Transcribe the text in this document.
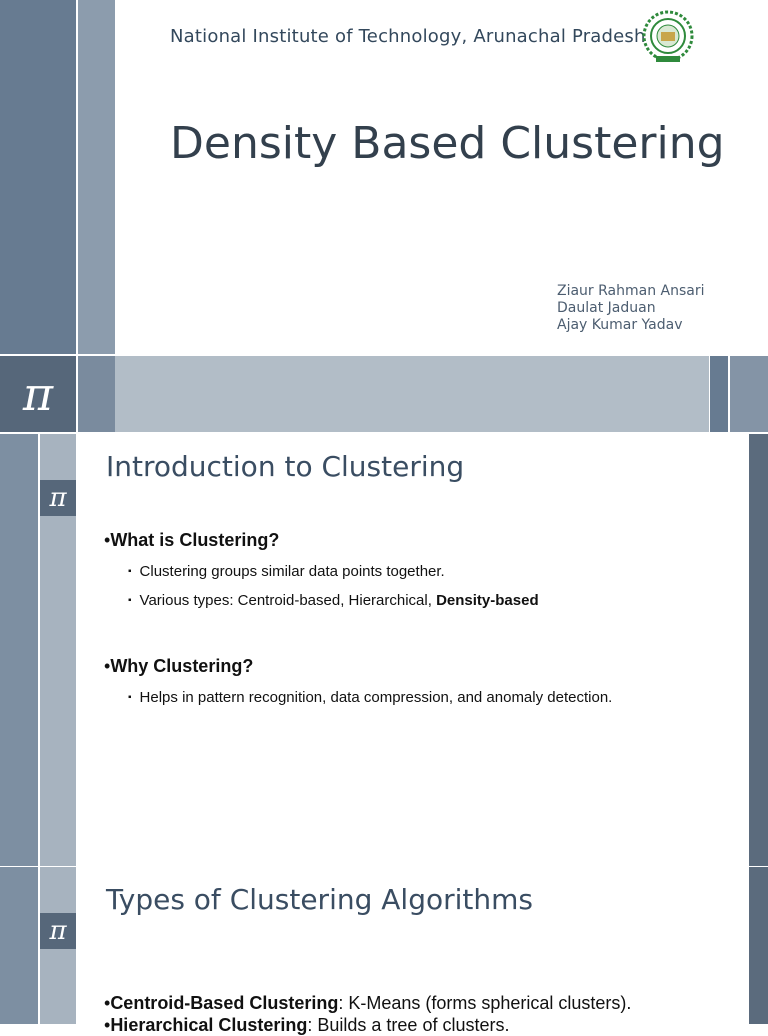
National Institute of Technology, Arunachal Pradesh
Density Based Clustering
Ziaur Rahman Ansari
Daulat Jaduan
Ajay Kumar Yadav
π
π
Introduction to Clustering
•What is Clustering?
▪ Clustering groups similar data points together.
▪ Various types: Centroid-based, Hierarchical, Density-based
•Why Clustering?
▪ Helps in pattern recognition, data compression, and anomaly detection.
π
Types of Clustering Algorithms
•Centroid-Based Clustering: K-Means (forms spherical clusters).
•Hierarchical Clustering: Builds a tree of clusters.
